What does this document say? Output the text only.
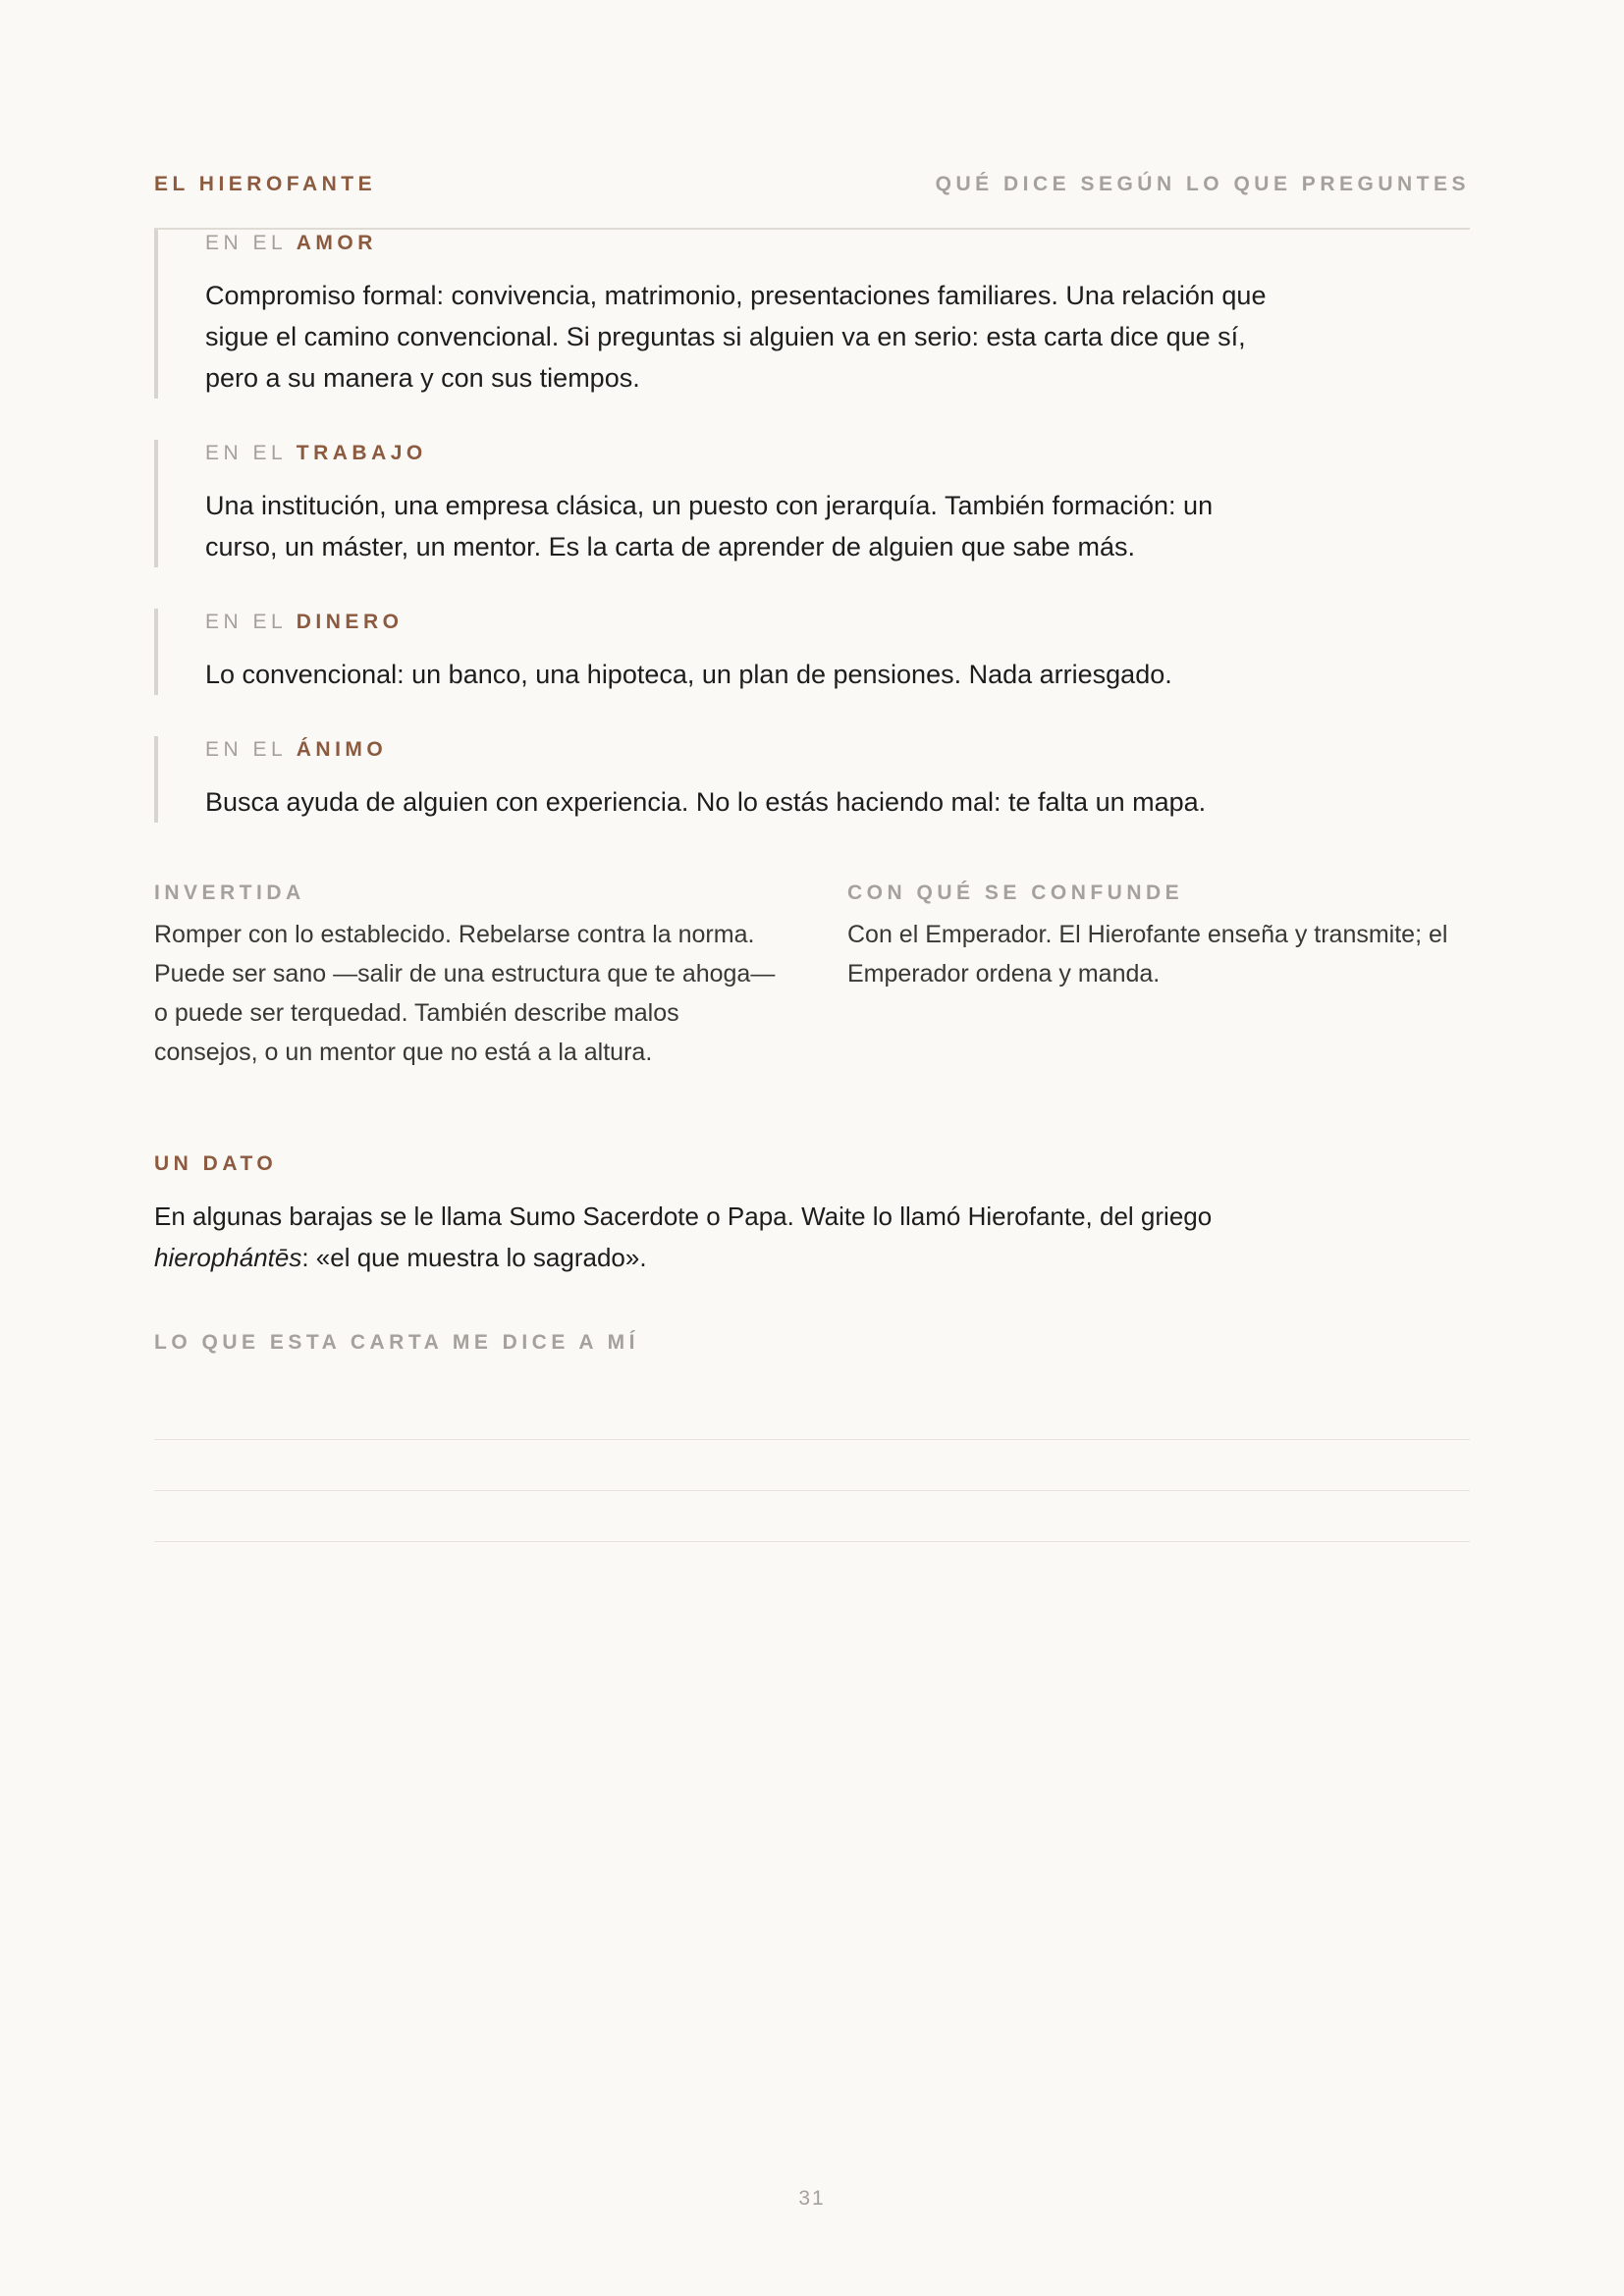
EL HIEROFANTE	QUÉ DICE SEGÚN LO QUE PREGUNTES

EN EL AMOR

Compromiso formal: convivencia, matrimonio, presentaciones familiares. Una relación que sigue el camino convencional. Si preguntas si alguien va en serio: esta carta dice que sí, pero a su manera y con sus tiempos.

EN EL TRABAJO

Una institución, una empresa clásica, un puesto con jerarquía. También formación: un curso, un máster, un mentor. Es la carta de aprender de alguien que sabe más.

EN EL DINERO

Lo convencional: un banco, una hipoteca, un plan de pensiones. Nada arriesgado.

EN EL ÁNIMO

Busca ayuda de alguien con experiencia. No lo estás haciendo mal: te falta un mapa.

INVERTIDA

Romper con lo establecido. Rebelarse contra la norma. Puede ser sano —salir de una estructura que te ahoga— o puede ser terquedad. También describe malos consejos, o un mentor que no está a la altura.

CON QUÉ SE CONFUNDE

Con el Emperador. El Hierofante enseña y transmite; el Emperador ordena y manda.

UN DATO

En algunas barajas se le llama Sumo Sacerdote o Papa. Waite lo llamó Hierofante, del griego hierophántēs: «el que muestra lo sagrado».

LO QUE ESTA CARTA ME DICE A MÍ
31
